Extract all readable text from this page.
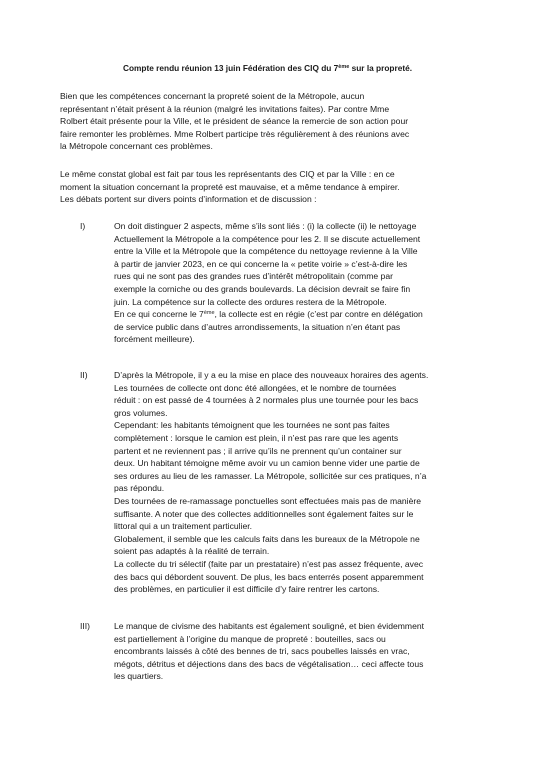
Compte rendu réunion 13 juin Fédération des CIQ du 7ème sur la propreté.
Bien que les compétences concernant la propreté soient de la Métropole, aucun
représentant n’était présent à la réunion (malgré les invitations faites). Par contre Mme
Rolbert était présente pour la Ville, et le président de séance la remercie de son action pour
faire remonter les problèmes. Mme Rolbert participe très régulièrement à des réunions avec
la Métropole concernant ces problèmes.
Le même constat global est fait par tous les représentants des CIQ et par la Ville : en ce
moment la situation concernant la propreté est mauvaise, et a même tendance à empirer.
Les débats portent sur divers points d’information et de discussion :
I)	On doit distinguer 2 aspects, même s’ils sont liés : (i) la collecte (ii) le nettoyage
Actuellement la Métropole a la compétence pour les 2. Il se discute actuellement
entre la Ville et la Métropole que la compétence du nettoyage revienne à la Ville
à partir de janvier 2023, en ce qui concerne la « petite voirie » c’est-à-dire les
rues qui ne sont pas des grandes rues d’intérêt métropolitain (comme par
exemple la corniche ou des grands boulevards. La décision devrait se faire fin
juin. La compétence sur la collecte des ordures restera de la Métropole.
En ce qui concerne le 7ème, la collecte est en régie (c’est par contre en délégation
de service public dans d’autres arrondissements, la situation n’en étant pas
forcément meilleure).
II)	D’après la Métropole, il y a eu la mise en place des nouveaux horaires des agents.
Les tournées de collecte ont donc été allongées, et le nombre de tournées
réduit : on est passé de 4 tournées à 2 normales plus une tournée pour les bacs
gros volumes.
Cependant: les habitants témoignent que les tournées ne sont pas faites
complètement : lorsque le camion est plein, il n’est pas rare que les agents
partent et ne reviennent pas ; il arrive qu’ils ne prennent qu’un container sur
deux. Un habitant témoigne même avoir vu un camion benne vider une partie de
ses ordures au lieu de les ramasser. La Métropole, sollicitée sur ces pratiques, n’a
pas répondu.
Des tournées de re-ramassage ponctuelles sont effectuées mais pas de manière
suffisante. A noter que des collectes additionnelles sont également faites sur le
littoral qui a un traitement particulier.
Globalement, il semble que les calculs faits dans les bureaux de la Métropole ne
soient pas adaptés à la réalité de terrain.
La collecte du tri sélectif (faite par un prestataire) n’est pas assez fréquente, avec
des bacs qui débordent souvent. De plus, les bacs enterrés posent apparemment
des problèmes, en particulier il est difficile d’y faire rentrer les cartons.
III)	Le manque de civisme des habitants est également souligné, et bien évidemment
est partiellement à l’origine du manque de propreté : bouteilles, sacs ou
encombrants laissés à côté des bennes de tri, sacs poubelles laissés en vrac,
mégots, détritus et déjections dans des bacs de végétalisation… ceci affecte tous
les quartiers.
